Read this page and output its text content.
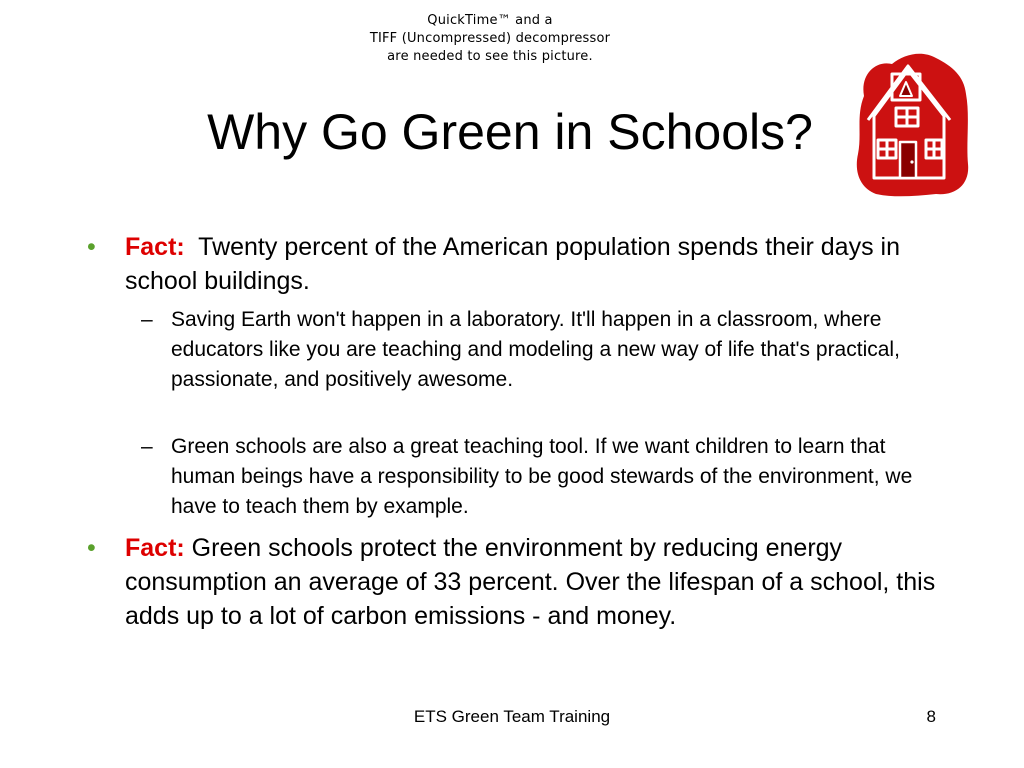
QuickTime™ and a
TIFF (Uncompressed) decompressor
are needed to see this picture.
Why Go Green in Schools?
• Fact:  Twenty percent of the American population spends their days in school buildings.
– Saving Earth won't happen in a laboratory. It'll happen in a classroom, where educators like you are teaching and modeling a new way of life that's practical, passionate, and positively awesome.
– Green schools are also a great teaching tool. If we want children to learn that human beings have a responsibility to be good stewards of the environment, we have to teach them by example.
• Fact: Green schools protect the environment by reducing energy consumption an average of 33 percent. Over the lifespan of a school, this adds up to a lot of carbon emissions - and money.
ETS Green Team Training	8
